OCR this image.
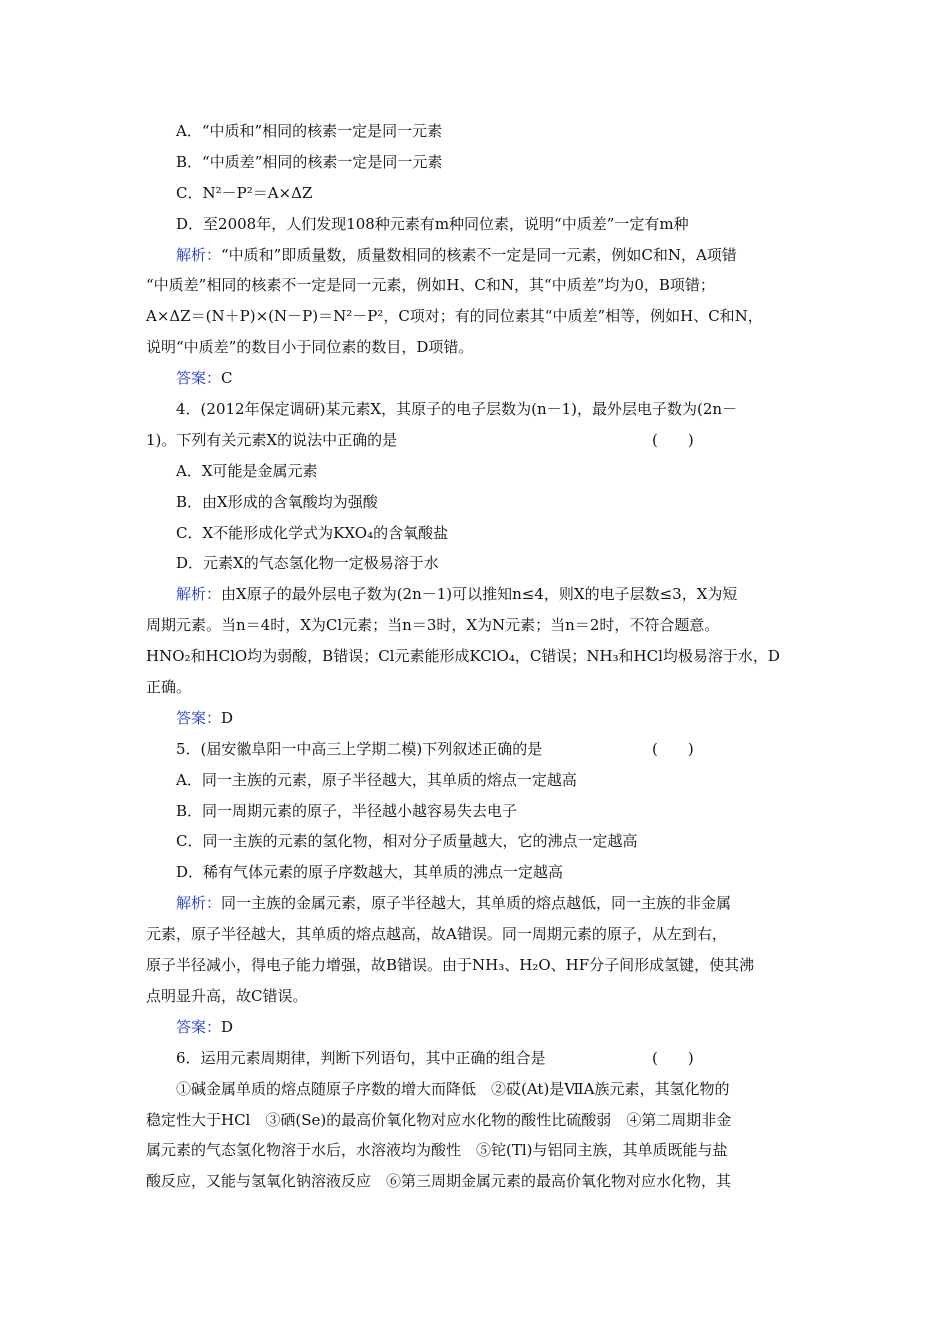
A．“中质和”相同的核素一定是同一元素
B．“中质差”相同的核素一定是同一元素
C．N²－P²＝A×ΔZ
D．至2008年，人们发现108种元素有m种同位素，说明“中质差”一定有m种
解析：“中质和”即质量数，质量数相同的核素不一定是同一元素，例如C和N，A项错
“中质差”相同的核素不一定是同一元素，例如H、C和N，其“中质差”均为0，B项错；
A×ΔZ＝(N＋P)×(N－P)＝N²－P²，C项对；有的同位素其“中质差”相等，例如H、C和N，
说明“中质差”的数目小于同位素的数目，D项错。
答案：C
4．(2012年保定调研)某元素X，其原子的电子层数为(n－1)，最外层电子数为(2n－
1)。下列有关元素X的说法中正确的是	(　　)
A．X可能是金属元素
B．由X形成的含氧酸均为强酸
C．X不能形成化学式为KXO₄的含氧酸盐
D．元素X的气态氢化物一定极易溶于水
解析：由X原子的最外层电子数为(2n－1)可以推知n≤4，则X的电子层数≤3，X为短
周期元素。当n＝4时，X为Cl元素；当n＝3时，X为N元素；当n＝2时，不符合题意。
HNO₂和HClO均为弱酸，B错误；Cl元素能形成KClO₄，C错误；NH₃和HCl均极易溶于水，D
正确。
答案：D
5．(届安徽阜阳一中高三上学期二模)下列叙述正确的是	(　　)
A．同一主族的元素，原子半径越大，其单质的熔点一定越高
B．同一周期元素的原子，半径越小越容易失去电子
C．同一主族的元素的氢化物，相对分子质量越大，它的沸点一定越高
D．稀有气体元素的原子序数越大，其单质的沸点一定越高
解析：同一主族的金属元素，原子半径越大，其单质的熔点越低，同一主族的非金属
元素，原子半径越大，其单质的熔点越高，故A错误。同一周期元素的原子，从左到右，
原子半径减小，得电子能力增强，故B错误。由于NH₃、H₂O、HF分子间形成氢键，使其沸
点明显升高，故C错误。
答案：D
6．运用元素周期律，判断下列语句，其中正确的组合是	(　　)
①碱金属单质的熔点随原子序数的增大而降低　②砹(At)是ⅦA族元素，其氢化物的
稳定性大于HCl　③硒(Se)的最高价氧化物对应水化物的酸性比硫酸弱　④第二周期非金
属元素的气态氢化物溶于水后，水溶液均为酸性　⑤铊(Tl)与铝同主族，其单质既能与盐
酸反应，又能与氢氧化钠溶液反应　⑥第三周期金属元素的最高价氧化物对应水化物，其
